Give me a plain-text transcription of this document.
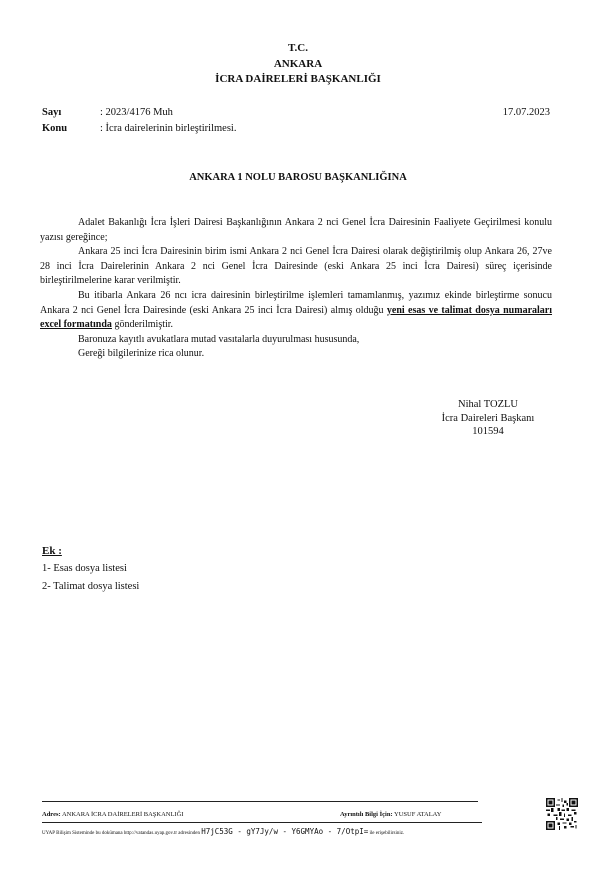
T.C.
ANKARA
İCRA DAİRELERİ BAŞKANLIĞI
Sayı	: 2023/4176 Muh	17.07.2023
Konu	: İcra dairelerinin birleştirilmesi.
ANKARA 1 NOLU BAROSU BAŞKANLIĞINA

Adalet Bakanlığı İcra İşleri Dairesi Başkanlığının Ankara 2 nci Genel İcra Dairesinin Faaliyete Geçirilmesi konulu yazısı gereğince;

Ankara 25 inci İcra Dairesinin birim ismi Ankara 2 nci Genel İcra Dairesi olarak değiştirilmiş olup Ankara 26, 27ve 28 inci İcra Dairelerinin Ankara 2 nci Genel İcra Dairesinde (eski Ankara 25 inci İcra Dairesi) süreç içerisinde birleştirilmelerine karar verilmiştir.

Bu itibarla Ankara 26 ncı icra dairesinin birleştirilme işlemleri tamamlanmış, yazımız ekinde birleştirme sonucu Ankara 2 nci Genel İcra Dairesinde (eski Ankara 25 inci İcra Dairesi) almış olduğu yeni esas ve talimat dosya numaraları excel formatında gönderilmiştir.

Baronuza kayıtlı avukatlara mutad vasıtalarla duyurulması hususunda,

Gereği bilgilerinize rica olunur.

Nihal TOZLU
İcra Daireleri Başkanı
101594
Ek :
1- Esas dosya listesi
2- Talimat dosya listesi
Adres: ANKARA İCRA DAİRELERİ BAŞKANLIĞI	Ayrıntılı Bilgi İçin: YUSUF ATALAY
UYAP Bilişim Sisteminde bu dokümana http://vatandas.uyap.gov.tr adresinden H7jC53G - gY7Jy/w - Y6GMYAo - 7/OtpI= ile erişebilirsiniz.
